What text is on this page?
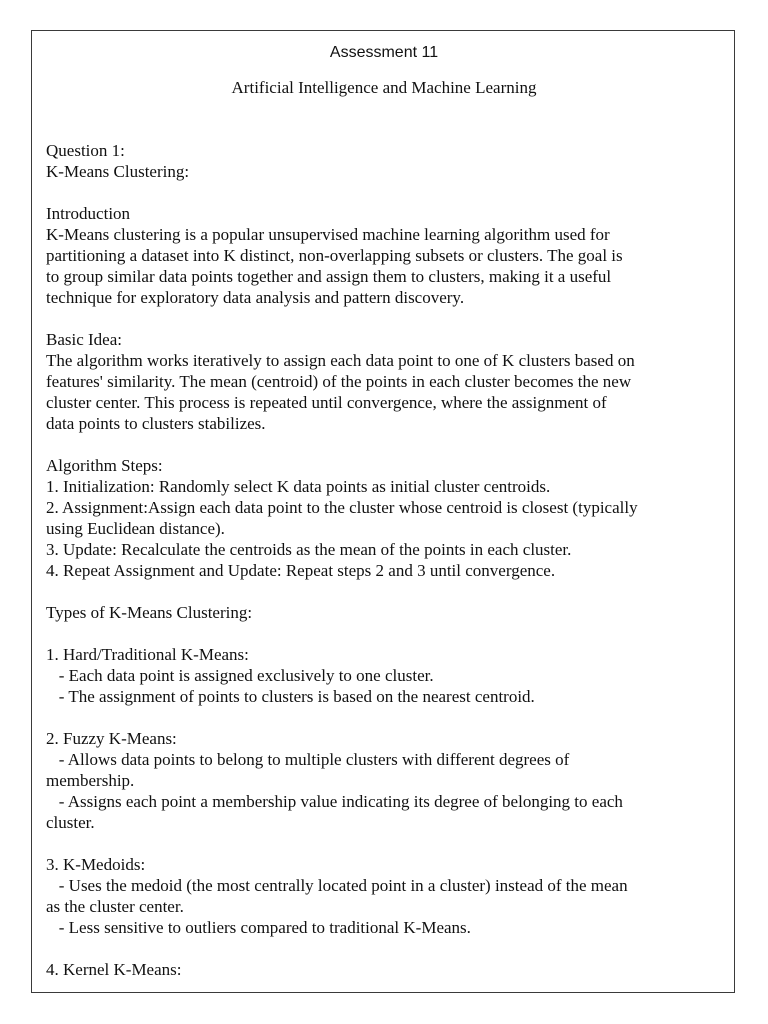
Assessment 11
Artificial Intelligence and Machine Learning
Question 1:
K-Means Clustering:
Introduction
K-Means clustering is a popular unsupervised machine learning algorithm used for
partitioning a dataset into K distinct, non-overlapping subsets or clusters. The goal is
to group similar data points together and assign them to clusters, making it a useful
technique for exploratory data analysis and pattern discovery.
Basic Idea:
The algorithm works iteratively to assign each data point to one of K clusters based on
features' similarity. The mean (centroid) of the points in each cluster becomes the new
cluster center. This process is repeated until convergence, where the assignment of
data points to clusters stabilizes.
Algorithm Steps:
1. Initialization: Randomly select K data points as initial cluster centroids.
2. Assignment:Assign each data point to the cluster whose centroid is closest (typically
using Euclidean distance).
3. Update: Recalculate the centroids as the mean of the points in each cluster.
4. Repeat Assignment and Update: Repeat steps 2 and 3 until convergence.
Types of K-Means Clustering:
1. Hard/Traditional K-Means:
- Each data point is assigned exclusively to one cluster.
- The assignment of points to clusters is based on the nearest centroid.
2. Fuzzy K-Means:
- Allows data points to belong to multiple clusters with different degrees of
membership.
- Assigns each point a membership value indicating its degree of belonging to each
cluster.
3. K-Medoids:
- Uses the medoid (the most centrally located point in a cluster) instead of the mean
as the cluster center.
- Less sensitive to outliers compared to traditional K-Means.
4. Kernel K-Means:
